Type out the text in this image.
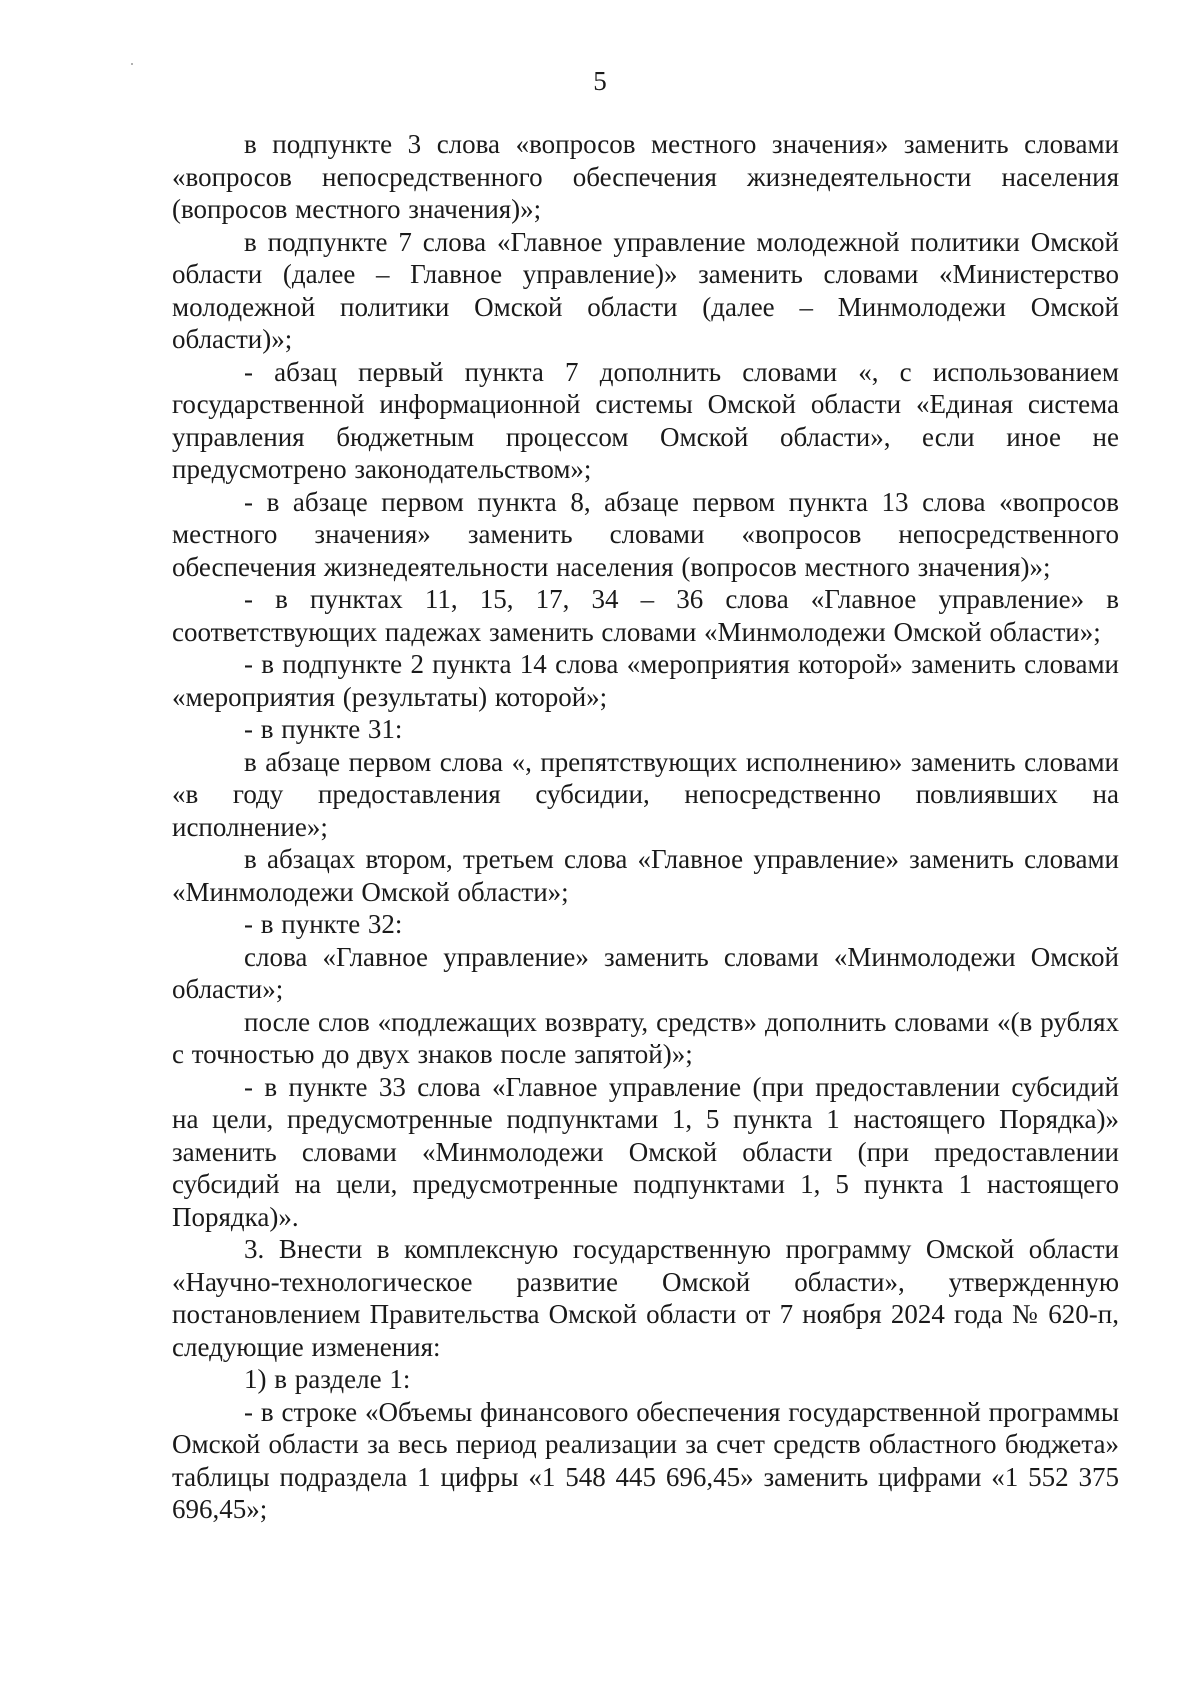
5

в подпункте 3 слова «вопросов местного значения» заменить словами «вопросов непосредственного обеспечения жизнедеятельности населения (вопросов местного значения)»;

в подпункте 7 слова «Главное управление молодежной политики Омской области (далее – Главное управление)» заменить словами «Министерство молодежной политики Омской области (далее – Минмолодежи Омской области)»;

- абзац первый пункта 7 дополнить словами «, с использованием государственной информационной системы Омской области «Единая система управления бюджетным процессом Омской области», если иное не предусмотрено законодательством»;

- в абзаце первом пункта 8, абзаце первом пункта 13 слова «вопросов местного значения» заменить словами «вопросов непосредственного обеспечения жизнедеятельности населения (вопросов местного значения)»;

- в пунктах 11, 15, 17, 34 – 36 слова «Главное управление» в соответствующих падежах заменить словами «Минмолодежи Омской области»;

- в подпункте 2 пункта 14 слова «мероприятия которой» заменить словами «мероприятия (результаты) которой»;

- в пункте 31:

в абзаце первом слова «, препятствующих исполнению» заменить словами «в году предоставления субсидии, непосредственно повлиявших на исполнение»;

в абзацах втором, третьем слова «Главное управление» заменить словами «Минмолодежи Омской области»;

- в пункте 32:

слова «Главное управление» заменить словами «Минмолодежи Омской области»;

после слов «подлежащих возврату, средств» дополнить словами «(в рублях с точностью до двух знаков после запятой)»;

- в пункте 33 слова «Главное управление (при предоставлении субсидий на цели, предусмотренные подпунктами 1, 5 пункта 1 настоящего Порядка)» заменить словами «Минмолодежи Омской области (при предоставлении субсидий на цели, предусмотренные подпунктами 1, 5 пункта 1 настоящего Порядка)».

3. Внести в комплексную государственную программу Омской области «Научно-технологическое развитие Омской области», утвержденную постановлением Правительства Омской области от 7 ноября 2024 года № 620-п, следующие изменения:

1) в разделе 1:

- в строке «Объемы финансового обеспечения государственной программы Омской области за весь период реализации за счет средств областного бюджета» таблицы подраздела 1 цифры «1 548 445 696,45» заменить цифрами «1 552 375 696,45»;
